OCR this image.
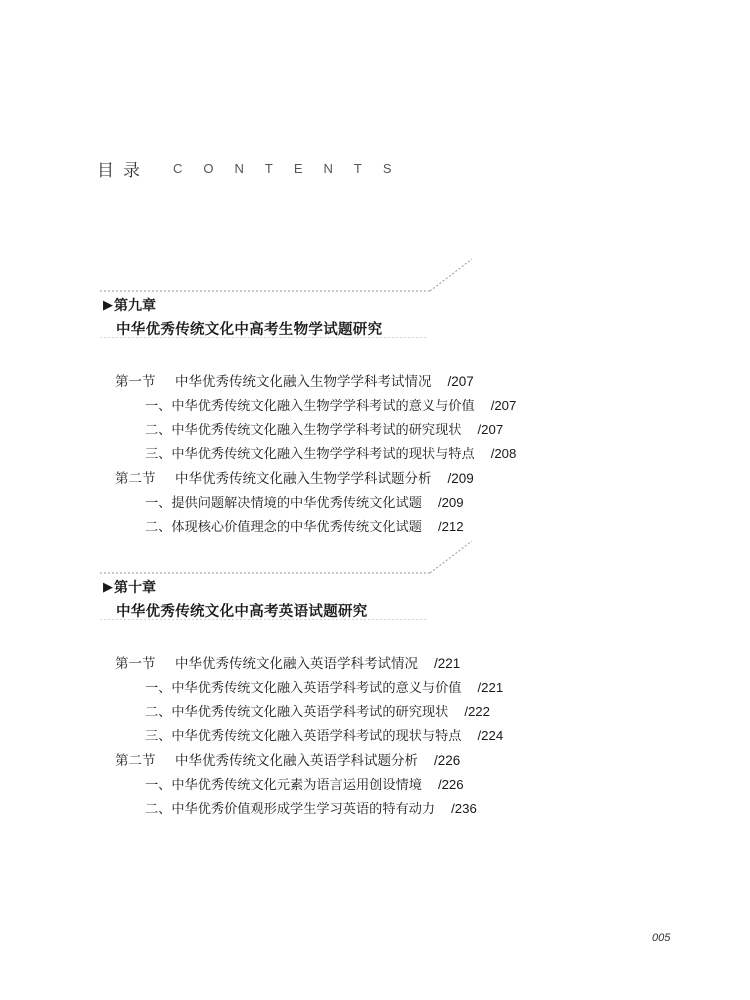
目录 CONTENTS
▶ 第九章
中华优秀传统文化中高考生物学试题研究
第一节 中华优秀传统文化融入生物学学科考试情况 /207
一、中华优秀传统文化融入生物学学科考试的意义与价值 /207
二、中华优秀传统文化融入生物学学科考试的研究现状 /207
三、中华优秀传统文化融入生物学学科考试的现状与特点 /208
第二节 中华优秀传统文化融入生物学学科试题分析 /209
一、提供问题解决情境的中华优秀传统文化试题 /209
二、体现核心价值理念的中华优秀传统文化试题 /212
▶ 第十章
中华优秀传统文化中高考英语试题研究
第一节 中华优秀传统文化融入英语学科考试情况 /221
一、中华优秀传统文化融入英语学科考试的意义与价值 /221
二、中华优秀传统文化融入英语学科考试的研究现状 /222
三、中华优秀传统文化融入英语学科考试的现状与特点 /224
第二节 中华优秀传统文化融入英语学科试题分析 /226
一、中华优秀传统文化元素为语言运用创设情境 /226
二、中华优秀价值观形成学生学习英语的特有动力 /236
005
